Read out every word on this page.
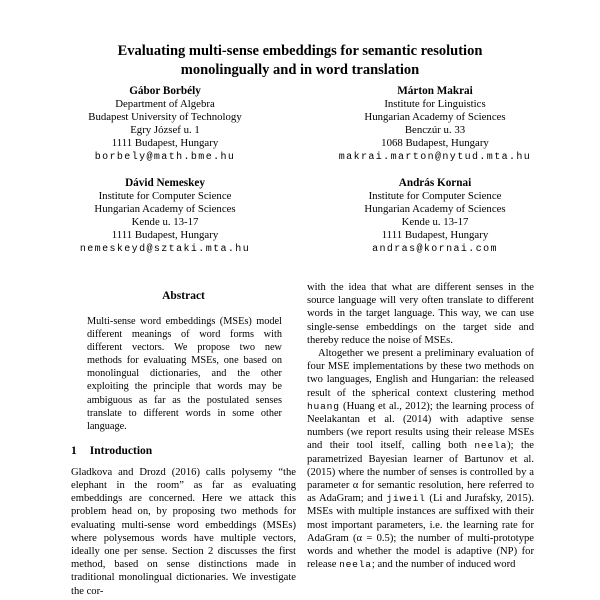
Evaluating multi-sense embeddings for semantic resolution monolingually and in word translation
Gábor Borbély
Department of Algebra
Budapest University of Technology
Egry József u. 1
1111 Budapest, Hungary
borbely@math.bme.hu
Márton Makrai
Institute for Linguistics
Hungarian Academy of Sciences
Benczúr u. 33
1068 Budapest, Hungary
makrai.marton@nytud.mta.hu
Dávid Nemeskey
Institute for Computer Science
Hungarian Academy of Sciences
Kende u. 13-17
1111 Budapest, Hungary
nemeskeyd@sztaki.mta.hu
András Kornai
Institute for Computer Science
Hungarian Academy of Sciences
Kende u. 13-17
1111 Budapest, Hungary
andras@kornai.com
Abstract
Multi-sense word embeddings (MSEs) model different meanings of word forms with different vectors. We propose two new methods for evaluating MSEs, one based on monolingual dictionaries, and the other exploiting the principle that words may be ambiguous as far as the postulated senses translate to different words in some other language.
1 Introduction

Gladkova and Drozd (2016) calls polysemy “the elephant in the room” as far as evaluating embeddings are concerned. Here we attack this problem head on, by proposing two methods for evaluating multi-sense word embeddings (MSEs) where polysemous words have multiple vectors, ideally one per sense. Section 2 discusses the first method, based on sense distinctions made in traditional monolingual dictionaries. We investigate the cor-

with the idea that what are different senses in the source language will very often translate to different words in the target language. This way, we can use single-sense embeddings on the target side and thereby reduce the noise of MSEs.

Altogether we present a preliminary evaluation of four MSE implementations by these two methods on two languages, English and Hungarian: the released result of the spherical context clustering method huang (Huang et al., 2012); the learning process of Neelakantan et al. (2014) with adaptive sense numbers (we report results using their release MSEs and their tool itself, calling both neela); the parametrized Bayesian learner of Bartunov et al. (2015) where the number of senses is controlled by a parameter α for semantic resolution, here referred to as AdaGram; and jiweil (Li and Jurafsky, 2015). MSEs with multiple instances are suffixed with their most important parameters, i.e. the learning rate for AdaGram (α = 0.5); the number of multi-prototype words and whether the model is adaptive (NP) for release neela; and the number of induced word
